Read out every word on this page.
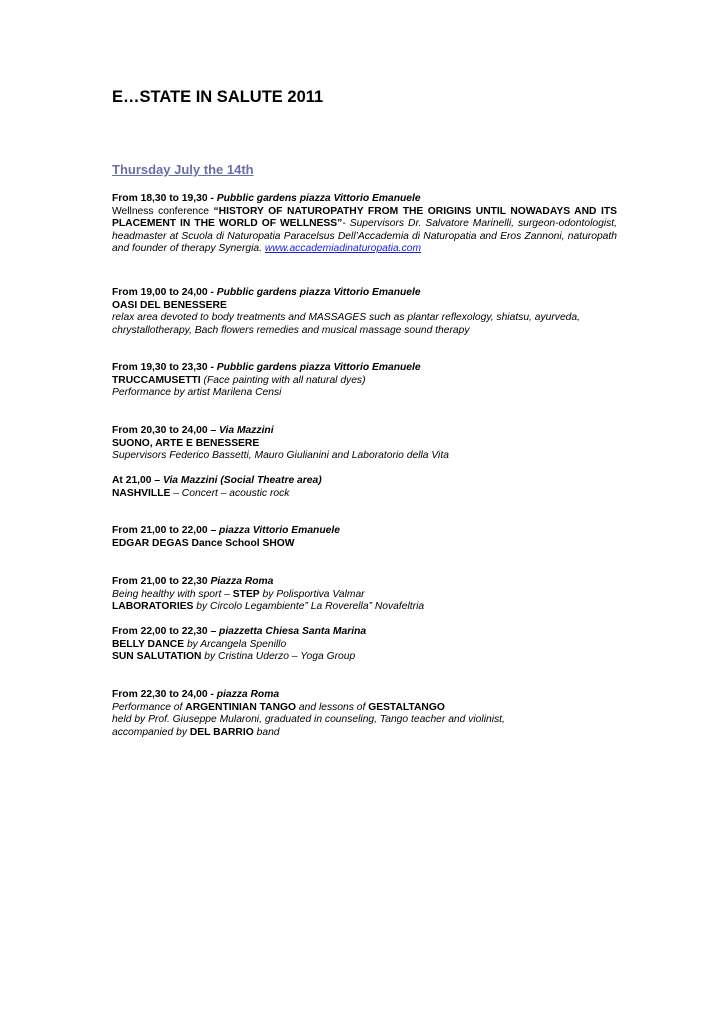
E…STATE IN SALUTE 2011
Thursday July the 14th

From 18,30 to 19,30 - Pubblic gardens piazza Vittorio Emanuele

Wellness conference “HISTORY OF NATUROPATHY FROM THE ORIGINS UNTIL NOWADAYS AND ITS PLACEMENT IN THE WORLD OF WELLNESS”- Supervisors Dr. Salvatore Marinelli, surgeon-odontologist, headmaster at Scuola di Naturopatia Paracelsus Dell’Accademia di Naturopatia and Eros Zannoni, naturopath and founder of therapy Synergia. www.accademiadinaturopatia.com

From 19,00 to 24,00 - Pubblic gardens piazza Vittorio Emanuele

OASI DEL BENESSERE

relax area devoted to body treatments and MASSAGES such as plantar reflexology, shiatsu, ayurveda, chrystallotherapy, Bach flowers remedies and musical massage sound therapy

From 19,30 to 23,30 - Pubblic gardens piazza Vittorio Emanuele

TRUCCAMUSETTI (Face painting with all natural dyes)

Performance by artist Marilena Censi

From 20,30 to 24,00 – Via Mazzini

SUONO, ARTE E BENESSERE

Supervisors Federico Bassetti, Mauro Giulianini and Laboratorio della Vita

At 21,00 – Via Mazzini (Social Theatre area)

NASHVILLE – Concert – acoustic rock

From 21,00 to 22,00 – piazza Vittorio Emanuele

EDGAR DEGAS Dance School SHOW

From 21,00 to 22,30 Piazza Roma

Being healthy with sport – STEP by Polisportiva Valmar

LABORATORIES by Circolo Legambiente” La Roverella” Novafeltria

From 22,00 to 22,30 – piazzetta Chiesa Santa Marina

BELLY DANCE by Arcangela Spenillo

SUN SALUTATION by Cristina Uderzo – Yoga Group

From 22,30 to 24,00 - piazza Roma

Performance of ARGENTINIAN TANGO and lessons of GESTALTANGO

held by Prof. Giuseppe Mularoni, graduated in counseling, Tango teacher and violinist,

accompanied by DEL BARRIO band
